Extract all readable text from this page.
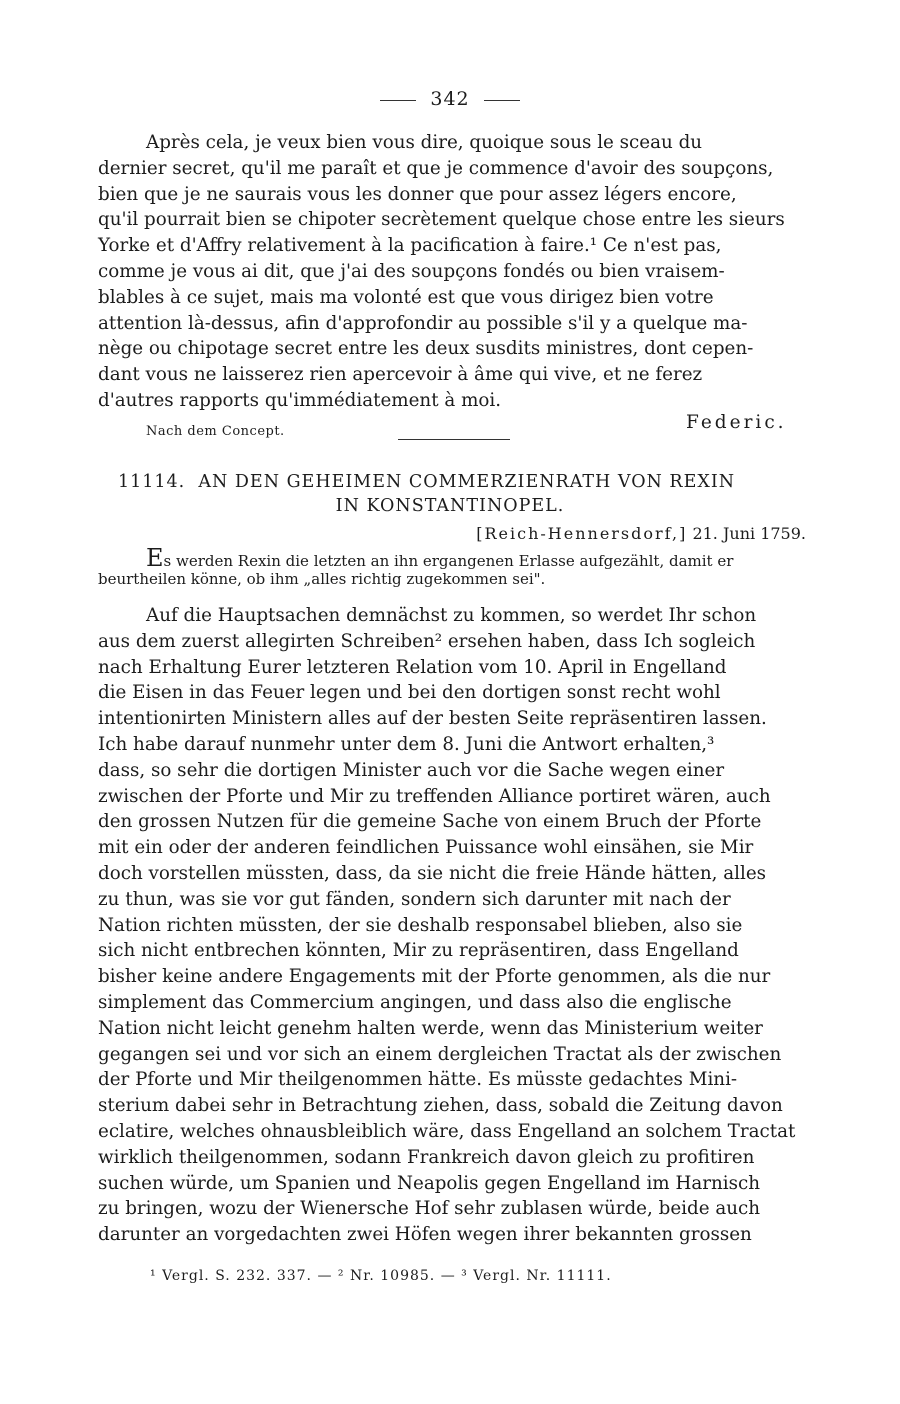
342
Après cela, je veux bien vous dire, quoique sous le sceau du
dernier secret, qu'il me paraît et que je commence d'avoir des soupçons,
bien que je ne saurais vous les donner que pour assez légers encore,
qu'il pourrait bien se chipoter secrètement quelque chose entre les sieurs
Yorke et d'Affry relativement à la pacification à faire.¹ Ce n'est pas,
comme je vous ai dit, que j'ai des soupçons fondés ou bien vraisem-
blables à ce sujet, mais ma volonté est que vous dirigez bien votre
attention là-dessus, afin d'approfondir au possible s'il y a quelque ma-
nège ou chipotage secret entre les deux susdits ministres, dont cepen-
dant vous ne laisserez rien apercevoir à âme qui vive, et ne ferez
d'autres rapports qu'immédiatement à moi.
Nach dem Concept.	Federic.
11114. AN DEN GEHEIMEN COMMERZIENRATH VON REXIN
IN KONSTANTINOPEL.
[Reich-Hennersdorf,] 21. Juni 1759.
Es werden Rexin die letzten an ihn ergangenen Erlasse aufgezählt, damit er
beurtheilen könne, ob ihm „alles richtig zugekommen sei".
Auf die Hauptsachen demnächst zu kommen, so werdet Ihr schon
aus dem zuerst allegirten Schreiben² ersehen haben, dass Ich sogleich
nach Erhaltung Eurer letzteren Relation vom 10. April in Engelland
die Eisen in das Feuer legen und bei den dortigen sonst recht wohl
intentionirten Ministern alles auf der besten Seite repräsentiren lassen.
Ich habe darauf nunmehr unter dem 8. Juni die Antwort erhalten,³
dass, so sehr die dortigen Minister auch vor die Sache wegen einer
zwischen der Pforte und Mir zu treffenden Alliance portiret wären, auch
den grossen Nutzen für die gemeine Sache von einem Bruch der Pforte
mit ein oder der anderen feindlichen Puissance wohl einsähen, sie Mir
doch vorstellen müssten, dass, da sie nicht die freie Hände hätten, alles
zu thun, was sie vor gut fänden, sondern sich darunter mit nach der
Nation richten müssten, der sie deshalb responsabel blieben, also sie
sich nicht entbrechen könnten, Mir zu repräsentiren, dass Engelland
bisher keine andere Engagements mit der Pforte genommen, als die nur
simplement das Commercium angingen, und dass also die englische
Nation nicht leicht genehm halten werde, wenn das Ministerium weiter
gegangen sei und vor sich an einem dergleichen Tractat als der zwischen
der Pforte und Mir theilgenommen hätte. Es müsste gedachtes Mini-
sterium dabei sehr in Betrachtung ziehen, dass, sobald die Zeitung davon
eclatire, welches ohnausbleiblich wäre, dass Engelland an solchem Tractat
wirklich theilgenommen, sodann Frankreich davon gleich zu profitiren
suchen würde, um Spanien und Neapolis gegen Engelland im Harnisch
zu bringen, wozu der Wienersche Hof sehr zublasen würde, beide auch
darunter an vorgedachten zwei Höfen wegen ihrer bekannten grossen
¹ Vergl. S. 232. 337. — ² Nr. 10985. — ³ Vergl. Nr. 11111.
